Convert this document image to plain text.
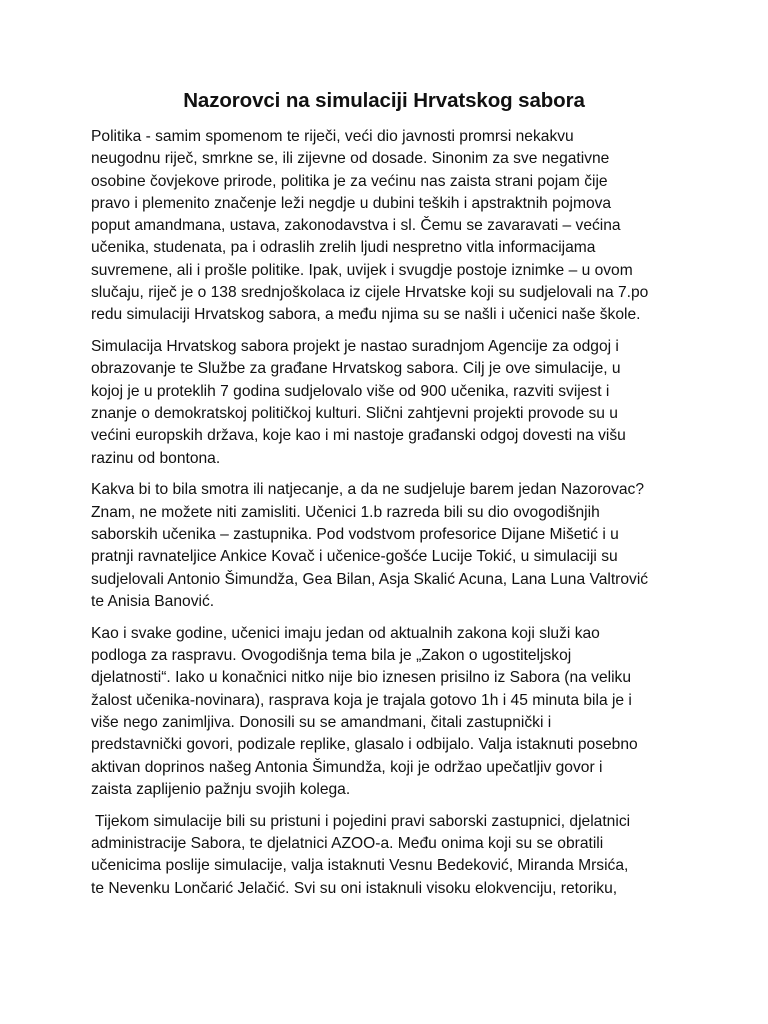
Nazorovci na simulaciji Hrvatskog sabora

Politika - samim spomenom te riječi, veći dio javnosti promrsi nekakvu
neugodnu riječ, smrkne se, ili zijevne od dosade. Sinonim za sve negativne
osobine čovjekove prirode, politika je za većinu nas zaista strani pojam čije
pravo i plemenito značenje leži negdje u dubini teških i apstraktnih pojmova
poput amandmana, ustava, zakonodavstva i sl. Čemu se zavaravati – većina
učenika, studenata, pa i odraslih zrelih ljudi nespretno vitla informacijama
suvremene, ali i prošle politike. Ipak, uvijek i svugdje postoje iznimke – u ovom
slučaju, riječ je o 138 srednjoškolaca iz cijele Hrvatske koji su sudjelovali na 7.po
redu simulaciji Hrvatskog sabora, a među njima su se našli i učenici naše škole.

Simulacija Hrvatskog sabora projekt je nastao suradnjom Agencije za odgoj i
obrazovanje te Službe za građane Hrvatskog sabora. Cilj je ove simulacije, u
kojoj je u proteklih 7 godina sudjelovalo više od 900 učenika, razviti svijest i
znanje o demokratskoj političkoj kulturi. Slični zahtjevni projekti provode su u
većini europskih država, koje kao i mi nastoje građanski odgoj dovesti na višu
razinu od bontona.

Kakva bi to bila smotra ili natjecanje, a da ne sudjeluje barem jedan Nazorovac?
Znam, ne možete niti zamisliti. Učenici 1.b razreda bili su dio ovogodišnjih
saborskih učenika – zastupnika. Pod vodstvom profesorice Dijane Mišetić i u
pratnji ravnateljice Ankice Kovač i učenice-gošće Lucije Tokić, u simulaciji su
sudjelovali Antonio Šimundža, Gea Bilan, Asja Skalić Acuna, Lana Luna Valtrović
te Anisia Banović.

Kao i svake godine, učenici imaju jedan od aktualnih zakona koji služi kao
podloga za raspravu. Ovogodišnja tema bila je „Zakon o ugostiteljskoj
djelatnosti“. Iako u konačnici nitko nije bio iznesen prisilno iz Sabora (na veliku
žalost učenika-novinara), rasprava koja je trajala gotovo 1h i 45 minuta bila je i
više nego zanimljiva. Donosili su se amandmani, čitali zastupnički i
predstavnički govori, podizale replike, glasalo i odbijalo. Valja istaknuti posebno
aktivan doprinos našeg Antonia Šimundža, koji je održao upečatljiv govor i
zaista zaplijenio pažnju svojih kolega.

Tijekom simulacije bili su pristuni i pojedini pravi saborski zastupnici, djelatnici
administracije Sabora, te djelatnici AZOO-a. Među onima koji su se obratili
učenicima poslije simulacije, valja istaknuti Vesnu Bedeković, Miranda Mrsića,
te Nevenku Lončarić Jelačić. Svi su oni istaknuli visoku elokvenciju, retoriku,
